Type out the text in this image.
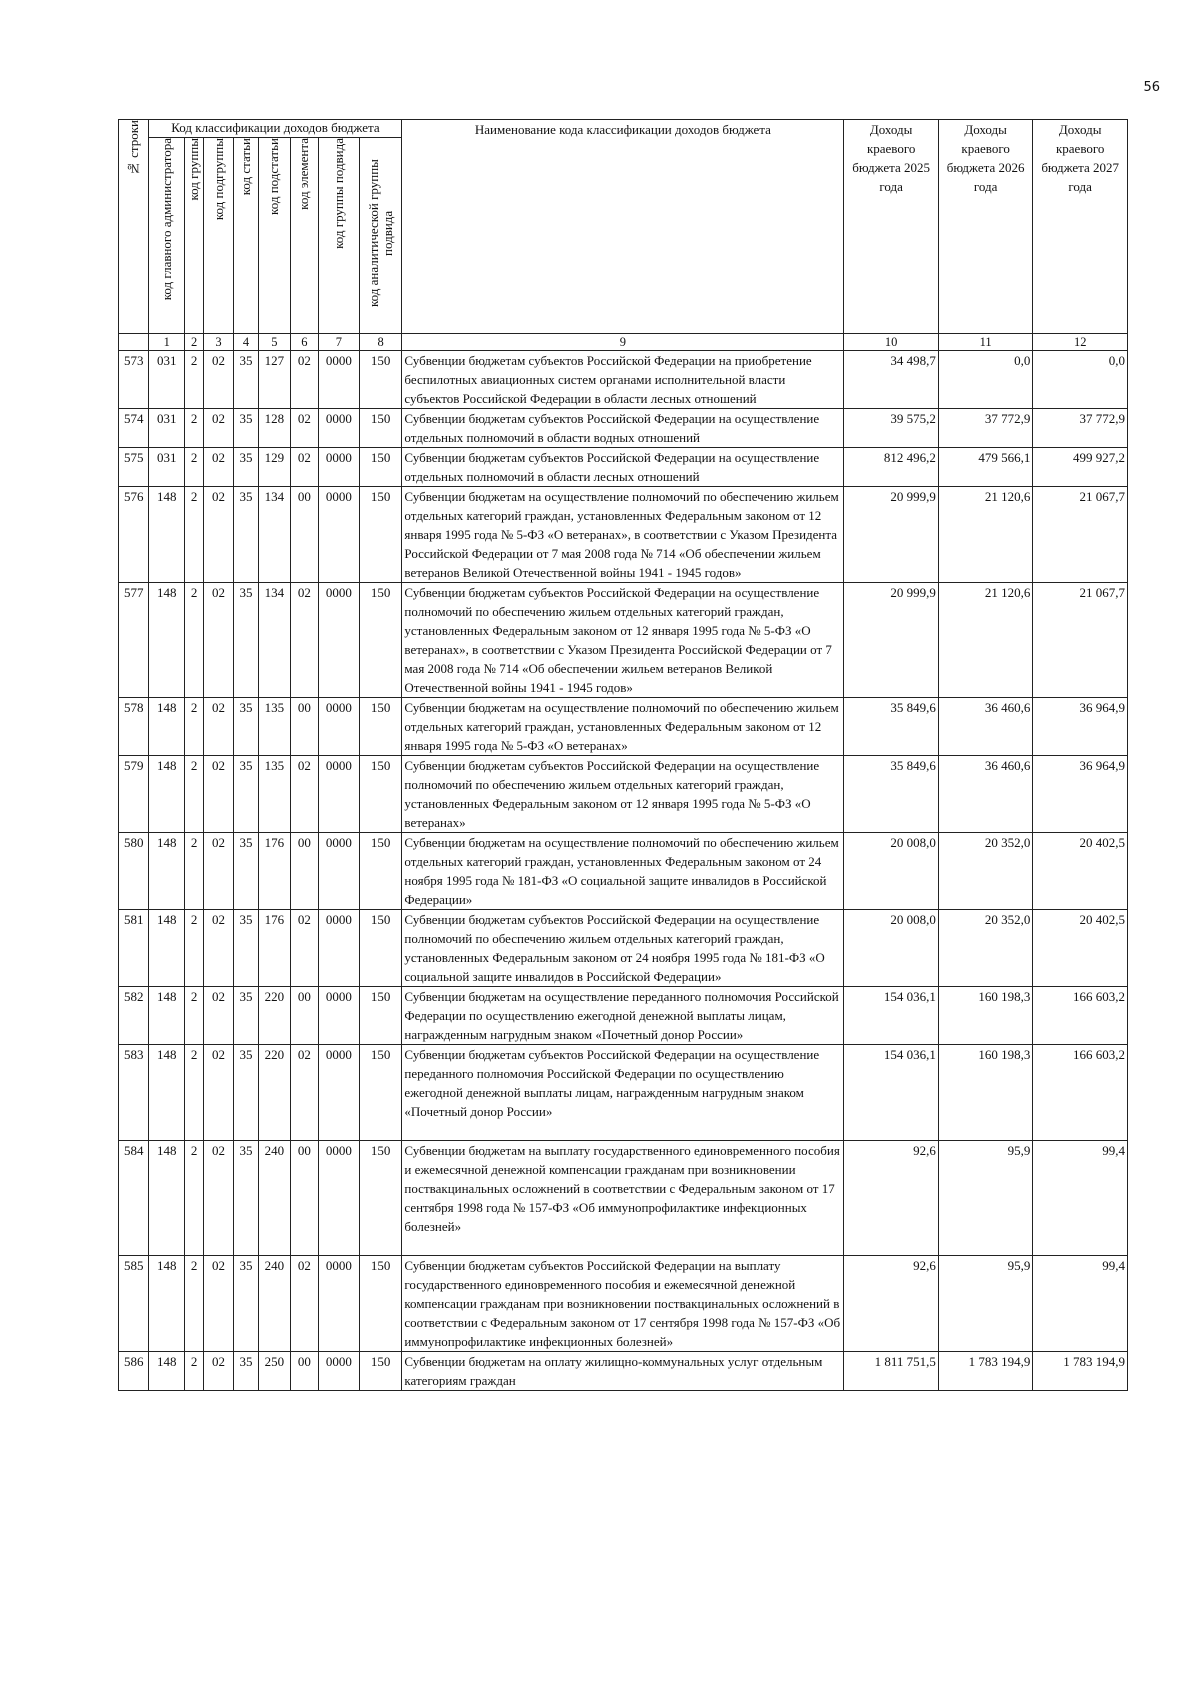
56
№ строки	Код классификации доходов бюджета								Наименование кода классификации доходов бюджета	Доходы краевого бюджета 2025 года	Доходы краевого бюджета 2026 года	Доходы краевого бюджета 2027 года

	код главного администратора	код группы	код подгруппы	код статьи	код подстатьи	код элемента	код группы подвида	код аналитической группы подвида				

	1	2	3	4	5	6	7	8	9	10	11	12
573	031	2	02	35	127	02	0000	150	Субвенции бюджетам субъектов Российской Федерации на приобретение беспилотных авиационных систем органами исполнительной власти субъектов Российской Федерации в области лесных отношений	34 498,7	0,0	0,0
574	031	2	02	35	128	02	0000	150	Субвенции бюджетам субъектов Российской Федерации на осуществление отдельных полномочий в области водных отношений	39 575,2	37 772,9	37 772,9
575	031	2	02	35	129	02	0000	150	Субвенции бюджетам субъектов Российской Федерации на осуществление отдельных полномочий в области лесных отношений	812 496,2	479 566,1	499 927,2
576	148	2	02	35	134	00	0000	150	Субвенции бюджетам на осуществление полномочий по обеспечению жильем отдельных категорий граждан, установленных Федеральным законом от 12 января 1995 года № 5-ФЗ «О ветеранах», в соответствии с Указом Президента Российской Федерации от 7 мая 2008 года № 714 «Об обеспечении жильем ветеранов Великой Отечественной войны 1941 - 1945 годов»	20 999,9	21 120,6	21 067,7
577	148	2	02	35	134	02	0000	150	Субвенции бюджетам субъектов Российской Федерации на осуществление полномочий по обеспечению жильем отдельных категорий граждан, установленных Федеральным законом от 12 января 1995 года № 5-ФЗ «О ветеранах», в соответствии с Указом Президента Российской Федерации от 7 мая 2008 года № 714 «Об обеспечении жильем ветеранов Великой Отечественной войны 1941 - 1945 годов»	20 999,9	21 120,6	21 067,7
578	148	2	02	35	135	00	0000	150	Субвенции бюджетам на осуществление полномочий по обеспечению жильем отдельных категорий граждан, установленных Федеральным законом от 12 января 1995 года № 5-ФЗ «О ветеранах»	35 849,6	36 460,6	36 964,9
579	148	2	02	35	135	02	0000	150	Субвенции бюджетам субъектов Российской Федерации на осуществление полномочий по обеспечению жильем отдельных категорий граждан, установленных Федеральным законом от 12 января 1995 года № 5-ФЗ «О ветеранах»	35 849,6	36 460,6	36 964,9
580	148	2	02	35	176	00	0000	150	Субвенции бюджетам на осуществление полномочий по обеспечению жильем отдельных категорий граждан, установленных Федеральным законом от 24 ноября 1995 года № 181-ФЗ «О социальной защите инвалидов в Российской Федерации»	20 008,0	20 352,0	20 402,5
581	148	2	02	35	176	02	0000	150	Субвенции бюджетам субъектов Российской Федерации на осуществление полномочий по обеспечению жильем отдельных категорий граждан, установленных Федеральным законом от 24 ноября 1995 года № 181-ФЗ «О социальной защите инвалидов в Российской Федерации»	20 008,0	20 352,0	20 402,5
582	148	2	02	35	220	00	0000	150	Субвенции бюджетам на осуществление переданного полномочия Российской Федерации по осуществлению ежегодной денежной выплаты лицам, награжденным нагрудным знаком «Почетный донор России»	154 036,1	160 198,3	166 603,2
583	148	2	02	35	220	02	0000	150	Субвенции бюджетам субъектов Российской Федерации на осуществление переданного полномочия Российской Федерации по осуществлению ежегодной денежной выплаты лицам, награжденным нагрудным знаком «Почетный донор России»	154 036,1	160 198,3	166 603,2
584	148	2	02	35	240	00	0000	150	Субвенции бюджетам на выплату государственного единовременного пособия и ежемесячной денежной компенсации гражданам при возникновении поствакцинальных осложнений в соответствии с Федеральным законом от 17 сентября 1998 года № 157-ФЗ «Об иммунопрофилактике инфекционных болезней»	92,6	95,9	99,4
585	148	2	02	35	240	02	0000	150	Субвенции бюджетам субъектов Российской Федерации на выплату государственного единовременного пособия и ежемесячной денежной компенсации гражданам при возникновении поствакцинальных осложнений в соответствии с Федеральным законом от 17 сентября 1998 года № 157-ФЗ «Об иммунопрофилактике инфекционных болезней»	92,6	95,9	99,4
586	148	2	02	35	250	00	0000	150	Субвенции бюджетам на оплату жилищно-коммунальных услуг отдельным категориям граждан	1 811 751,5	1 783 194,9	1 783 194,9
